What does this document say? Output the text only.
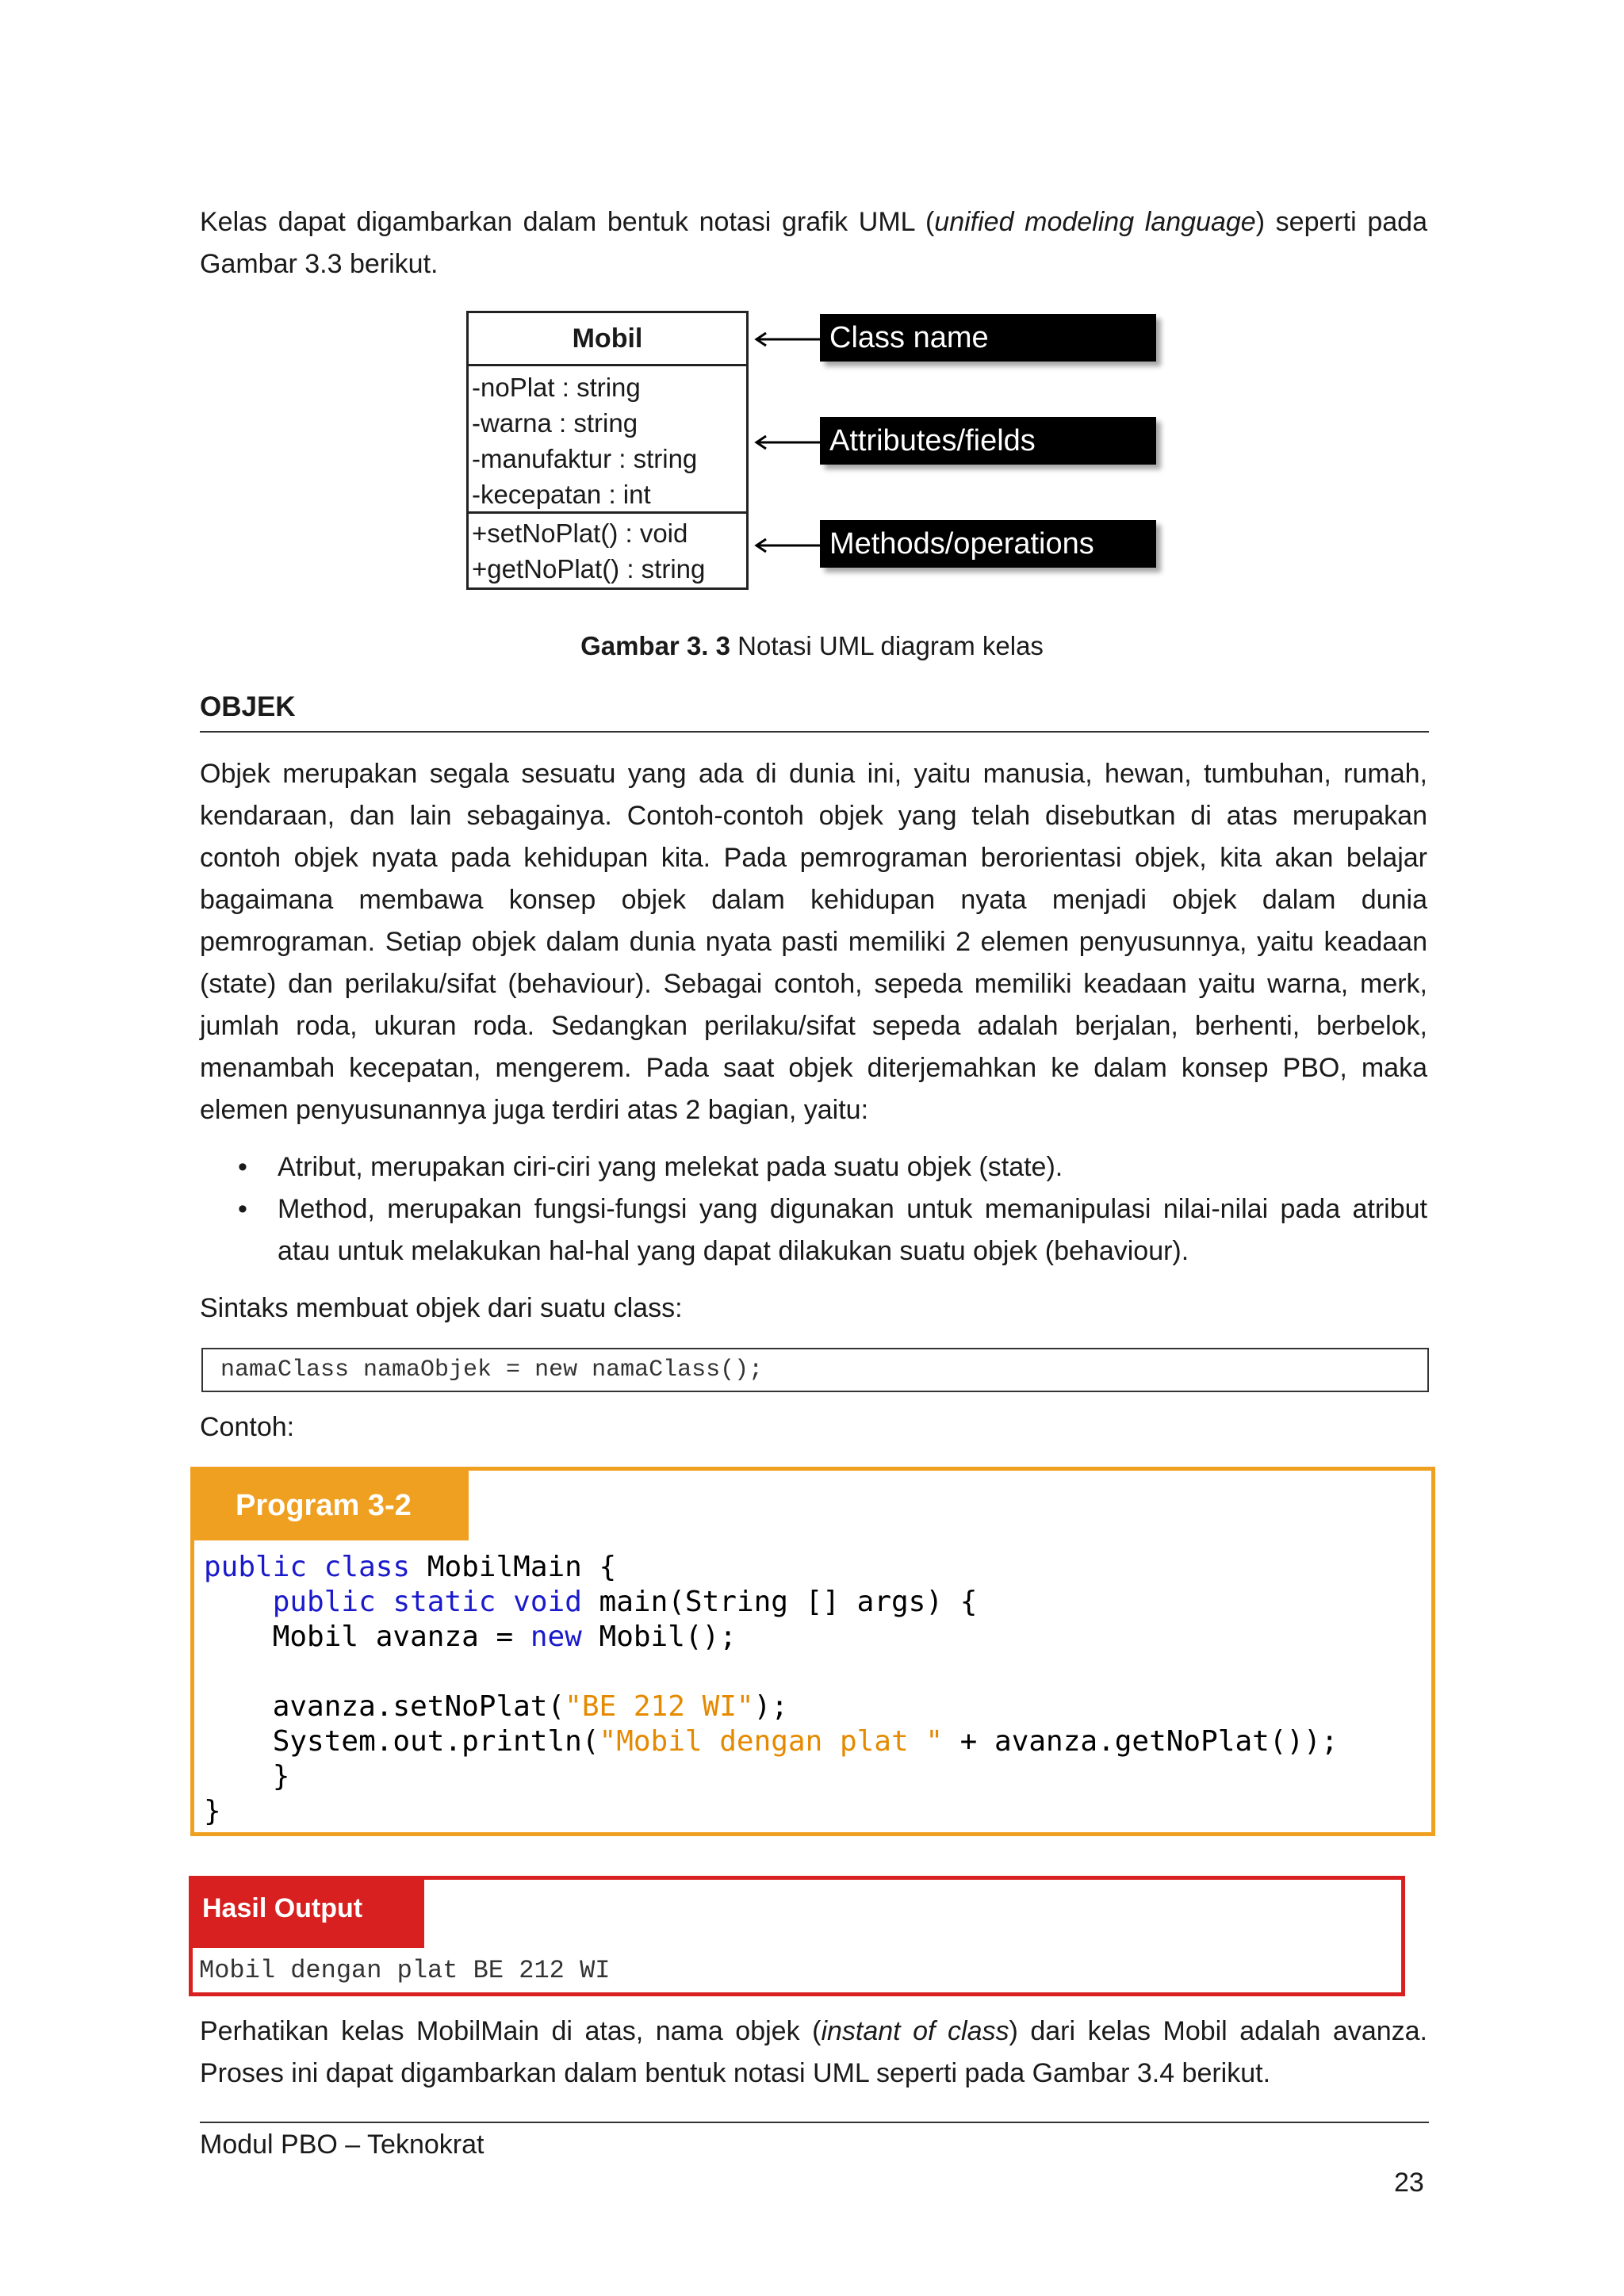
Kelas dapat digambarkan dalam bentuk notasi grafik UML (unified modeling language) seperti pada Gambar 3.3 berikut.

Mobil
-noPlat : string
-warna : string
-manufaktur : string
-kecepatan : int
+setNoPlat() : void
+getNoPlat() : string
Class name
Attributes/fields
Methods/operations
Gambar 3. 3 Notasi UML diagram kelas
OBJEK

Objek merupakan segala sesuatu yang ada di dunia ini, yaitu manusia, hewan, tumbuhan, rumah, kendaraan, dan lain sebagainya. Contoh-contoh objek yang telah disebutkan di atas merupakan contoh objek nyata pada kehidupan kita. Pada pemrograman berorientasi objek, kita akan belajar bagaimana membawa konsep objek dalam kehidupan nyata menjadi objek dalam dunia pemrograman. Setiap objek dalam dunia nyata pasti memiliki 2 elemen penyusunnya, yaitu keadaan (state) dan perilaku/sifat (behaviour). Sebagai contoh, sepeda memiliki keadaan yaitu warna, merk, jumlah roda, ukuran roda. Sedangkan perilaku/sifat sepeda adalah berjalan, berhenti, berbelok, menambah kecepatan, mengerem. Pada saat objek diterjemahkan ke dalam konsep PBO, maka elemen penyusunannya juga terdiri atas 2 bagian, yaitu:

• Atribut, merupakan ciri-ciri yang melekat pada suatu objek (state).
• Method, merupakan fungsi-fungsi yang digunakan untuk memanipulasi nilai-nilai pada atribut atau untuk melakukan hal-hal yang dapat dilakukan suatu objek (behaviour).

Sintaks membuat objek dari suatu class:

namaClass namaObjek = new namaClass();

Contoh:

Program 3-2
public class MobilMain {
public static void main(String [] args) {
Mobil avanza = new Mobil();

avanza.setNoPlat("BE 212 WI");
System.out.println("Mobil dengan plat " + avanza.getNoPlat());
}
}
Hasil Output
Mobil dengan plat BE 212 WI

Perhatikan kelas MobilMain di atas, nama objek (instant of class) dari kelas Mobil adalah avanza. Proses ini dapat digambarkan dalam bentuk notasi UML seperti pada Gambar 3.4 berikut.

Modul PBO – Teknokrat
23
